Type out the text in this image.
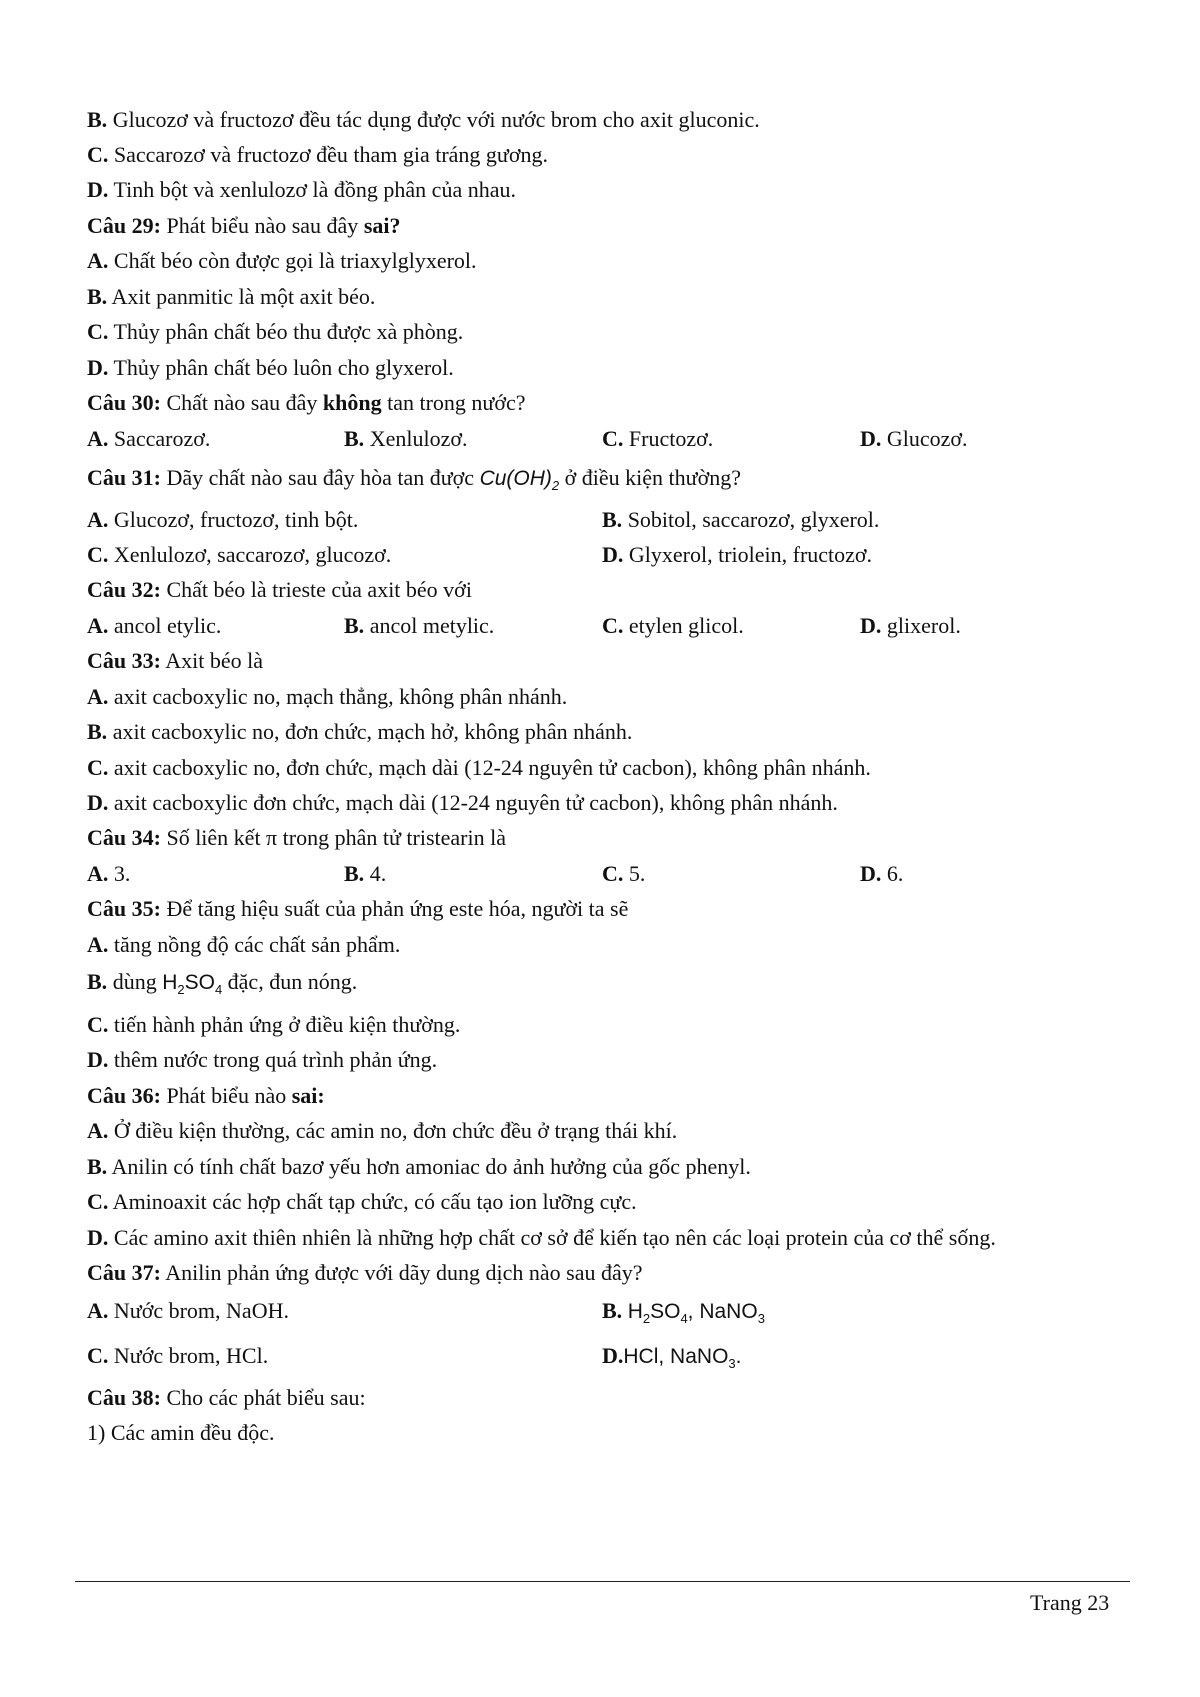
B. Glucozơ và fructozơ đều tác dụng được với nước brom cho axit gluconic.
C. Saccarozơ và fructozơ đều tham gia tráng gương.
D. Tinh bột và xenlulozơ là đồng phân của nhau.
Câu 29: Phát biểu nào sau đây sai?
A. Chất béo còn được gọi là triaxylglyxerol.
B. Axit panmitic là một axit béo.
C. Thủy phân chất béo thu được xà phòng.
D. Thủy phân chất béo luôn cho glyxerol.
Câu 30: Chất nào sau đây không tan trong nước?
A. Saccarozơ.	B. Xenlulozơ.	C. Fructozơ.	D. Glucozơ.
Câu 31: Dãy chất nào sau đây hòa tan được $Cu(OH)_2$ ở điều kiện thường?
A. Glucozơ, fructozơ, tinh bột.	B. Sobitol, saccarozơ, glyxerol.
C. Xenlulozơ, saccarozơ, glucozơ.	D. Glyxerol, triolein, fructozơ.
Câu 32: Chất béo là trieste của axit béo với
A. ancol etylic.	B. ancol metylic.	C. etylen glicol.	D. glixerol.
Câu 33: Axit béo là
A. axit cacboxylic no, mạch thẳng, không phân nhánh.
B. axit cacboxylic no, đơn chức, mạch hở, không phân nhánh.
C. axit cacboxylic no, đơn chức, mạch dài (12-24 nguyên tử cacbon), không phân nhánh.
D. axit cacboxylic đơn chức, mạch dài (12-24 nguyên tử cacbon), không phân nhánh.
Câu 34: Số liên kết π trong phân tử tristearin là
A. 3.	B. 4.	C. 5.	D. 6.
Câu 35: Để tăng hiệu suất của phản ứng este hóa, người ta sẽ
A. tăng nồng độ các chất sản phẩm.
B. dùng $H_2SO_4$ đặc, đun nóng.
C. tiến hành phản ứng ở điều kiện thường.
D. thêm nước trong quá trình phản ứng.
Câu 36: Phát biểu nào sai:
A. Ở điều kiện thường, các amin no, đơn chức đều ở trạng thái khí.
B. Anilin có tính chất bazơ yếu hơn amoniac do ảnh hưởng của gốc phenyl.
C. Aminoaxit các hợp chất tạp chức, có cấu tạo ion lưỡng cực.
D. Các amino axit thiên nhiên là những hợp chất cơ sở để kiến tạo nên các loại protein của cơ thể sống.
Câu 37: Anilin phản ứng được với dãy dung dịch nào sau đây?
A. Nước brom, NaOH.	B. $H_2SO_4$, NaNO$_3$
C. Nước brom, HCl.	D.HCl, NaNO$_3$.
Câu 38: Cho các phát biểu sau:
1) Các amin đều độc.
Trang 23
